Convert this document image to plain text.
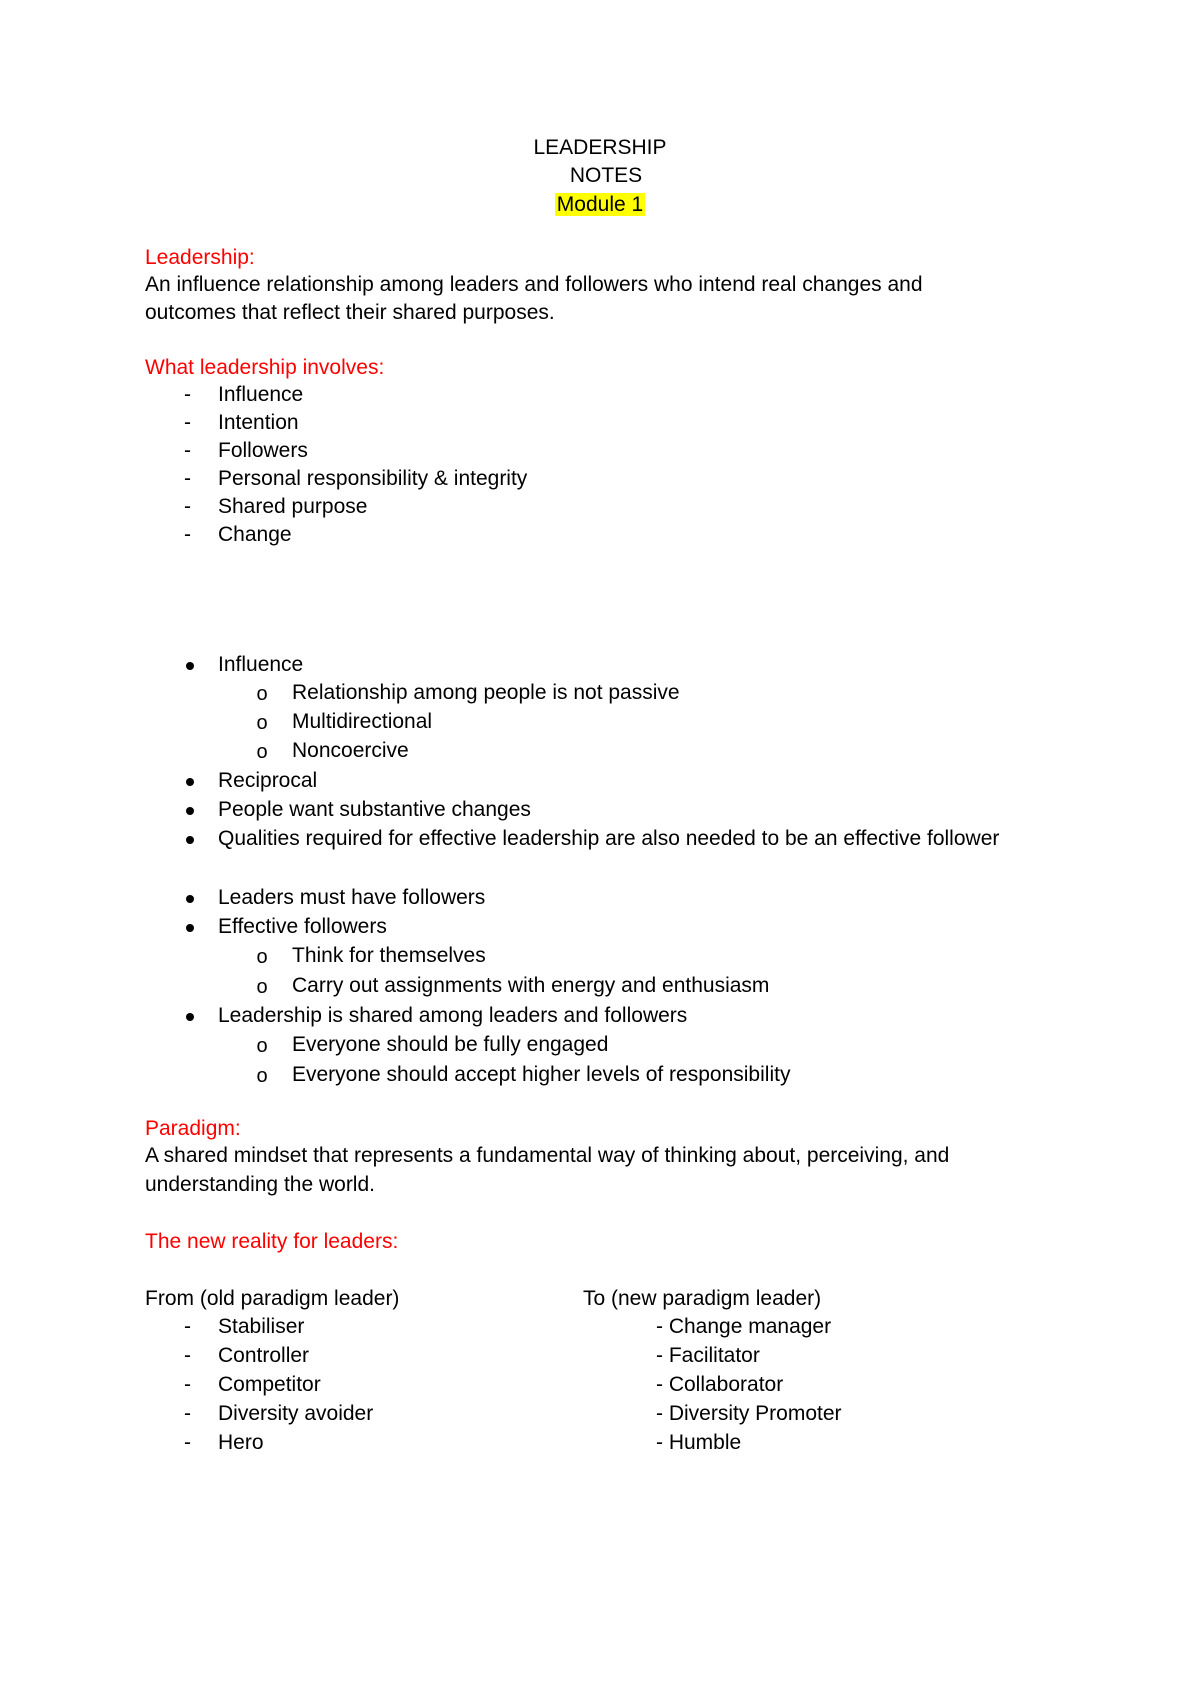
LEADERSHIP
NOTES
Module 1
Leadership:
An influence relationship among leaders and followers who intend real changes and
outcomes that reflect their shared purposes.
What leadership involves:
- Influence
- Intention
- Followers
- Personal responsibility & integrity
- Shared purpose
- Change
Influence
o Relationship among people is not passive
o Multidirectional
o Noncoercive
Reciprocal
People want substantive changes
Qualities required for effective leadership are also needed to be an effective follower
Leaders must have followers
Effective followers
o Think for themselves
o Carry out assignments with energy and enthusiasm
Leadership is shared among leaders and followers
o Everyone should be fully engaged
o Everyone should accept higher levels of responsibility
Paradigm:
A shared mindset that represents a fundamental way of thinking about, perceiving, and
understanding the world.
The new reality for leaders:
From (old paradigm leader)	To (new paradigm leader)
- Stabiliser
- Controller
- Competitor
- Diversity avoider
- Hero
- Change manager
- Facilitator
- Collaborator
- Diversity Promoter
- Humble
